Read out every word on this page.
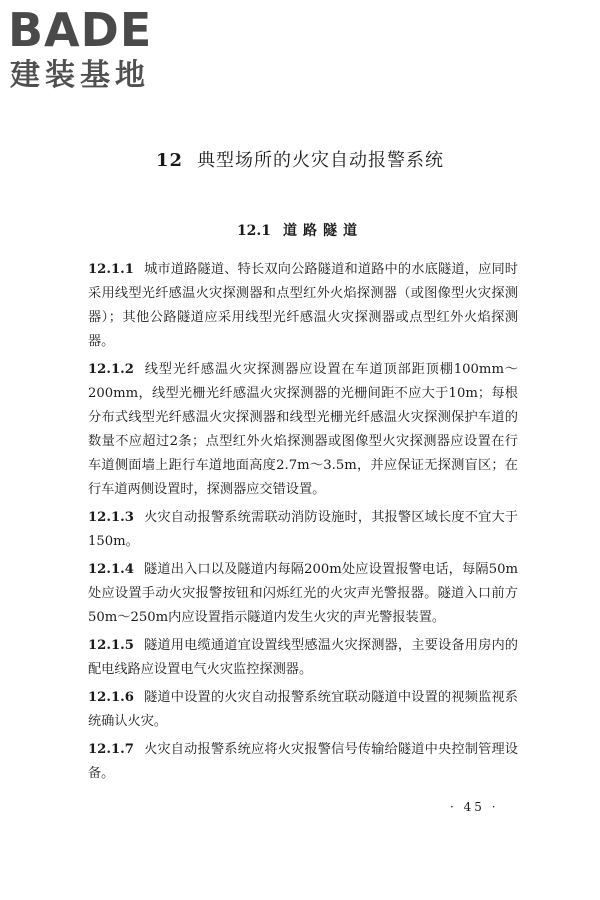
BADE
建装基地
12 典型场所的火灾自动报警系统
12.1 道路隧道

12.1.1 城市道路隧道、特长双向公路隧道和道路中的水底隧道，应同时采用线型光纤感温火灾探测器和点型红外火焰探测器（或图像型火灾探测器）；其他公路隧道应采用线型光纤感温火灾探测器或点型红外火焰探测器。

12.1.2 线型光纤感温火灾探测器应设置在车道顶部距顶棚100mm～200mm，线型光栅光纤感温火灾探测器的光栅间距不应大于10m；每根分布式线型光纤感温火灾探测器和线型光栅光纤感温火灾探测保护车道的数量不应超过2条；点型红外火焰探测器或图像型火灾探测器应设置在行车道侧面墙上距行车道地面高度2.7m～3.5m，并应保证无探测盲区；在行车道两侧设置时，探测器应交错设置。

12.1.3 火灾自动报警系统需联动消防设施时，其报警区域长度不宜大于150m。

12.1.4 隧道出入口以及隧道内每隔200m处应设置报警电话，每隔50m处应设置手动火灾报警按钮和闪烁红光的火灾声光警报器。隧道入口前方50m～250m内应设置指示隧道内发生火灾的声光警报装置。

12.1.5 隧道用电缆通道宜设置线型感温火灾探测器，主要设备用房内的配电线路应设置电气火灾监控探测器。

12.1.6 隧道中设置的火灾自动报警系统宜联动隧道中设置的视频监视系统确认火灾。

12.1.7 火灾自动报警系统应将火灾报警信号传输给隧道中央控制管理设备。

· 45 ·
